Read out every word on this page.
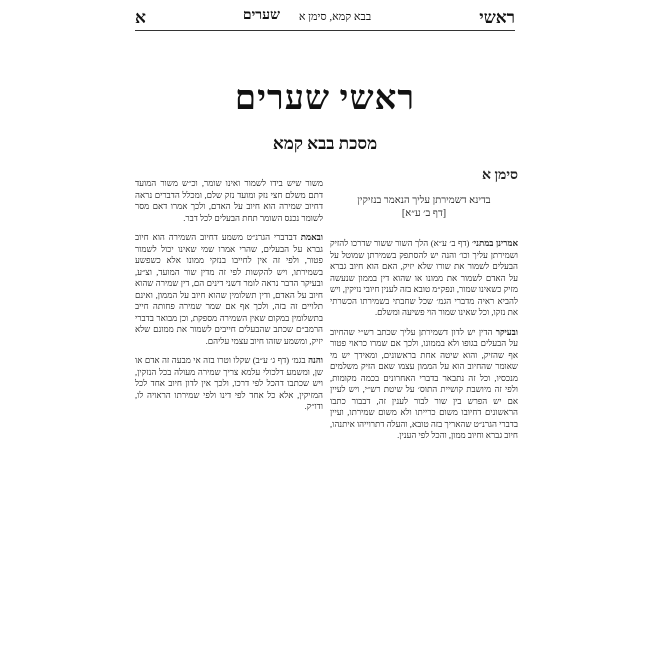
ראשי
שערים	בבא קמא, סימן א
א
ראשי שערים
מסכת בבא קמא

סימן א

בדינא דשמירתן עליך הנאמר בנזיקין

[דף ב׳ ע״א]

אמרינן במתני׳ (דף ב׳ ע״א) הלך השור ששור שדרכו להזיק ושמירתן עליך וכו׳ והנה יש להסתפק בשמירתן שמוטל על הבעלים לשמור את שורו שלא יזיק, האם הוא חיוב גברא על האדם לשמור את ממונו או שהוא דין בממון שנעשה מזיק כשאינו שמור, ונפק״מ טובא בזה לענין חיובי נזיקין, ויש להביא ראיה מדברי הגמ׳ שכל שחבתי בשמירתו הכשרתי את נזקו, וכל שאינו שמור הוי פשיעה ומשלם.

ובעיקר הדין יש לדון דשמירתן עליך שכתב רש״י שהחיוב על הבעלים בגופו ולא בממונו, ולכך אם שמרו כראוי פטור אף שהזיק, והוא שיטה אחת בראשונים, ומאידך יש מי שאומר שהחיוב הוא על הממון עצמו שאם הזיק משלמים מנכסיו, וכל זה נתבאר בדברי האחרונים בכמה מקומות, ולפי זה מיושבת קושיית התוס׳ על שיטת רש״י, ויש לעיין אם יש הפרש בין שור לבור לענין זה, דבבור כתבו הראשונים דחיובו משום כרייתו ולא משום שמירתו, ועיין בדברי הגרנ״ט שהאריך בזה טובא, והעלה דתרוייהו איתנהו, חיוב גברא וחיוב ממון, והכל לפי הענין.

משור שיש בידו לשמור ואינו שומר, וכ״ש משור המועד דתם משלם חצי נזק ומועד נזק שלם, ומכלל הדברים נראה דחיוב שמירה הוא חיוב על האדם, ולכך אמרו דאם מסר לשומר נכנס השומר תחת הבעלים לכל דבר.

ובאמת דבדברי הגרנ״ט משמע דחיוב השמירה הוא חיוב גברא על הבעלים, שהרי אמרו שמי שאינו יכול לשמור פטור, ולפי זה אין לחייבו בנזקי ממונו אלא כשפשע בשמירתו, ויש להקשות לפי זה מדין שור המועד, וצ״ע, ובעיקר הדבר נראה לומר דשני דינים הם, דין שמירה שהוא חיוב על האדם, ודין תשלומין שהוא חיוב על הממון, ואינם תלויים זה בזה, ולכך אף אם שמר שמירה פחותה חייב בתשלומין במקום שאין השמירה מספקת, וכן מבואר בדברי הרמב״ם שכתב שהבעלים חייבים לשמור את ממונם שלא יזיק, ומשמע שזהו חיוב עצמי עליהם.

והנה בגמ׳ (דף ג׳ ע״ב) שקלו וטרו בזה אי מבעה זה אדם או שן, ומשמע דלכולי עלמא צריך שמירה מעולה בכל הנזקין, ויש שכתבו דהכל לפי דרכו, ולכך אין לדון חיוב אחד לכל המזיקין, אלא כל אחד לפי דינו ולפי שמירתו הראויה לו, ודו״ק.
